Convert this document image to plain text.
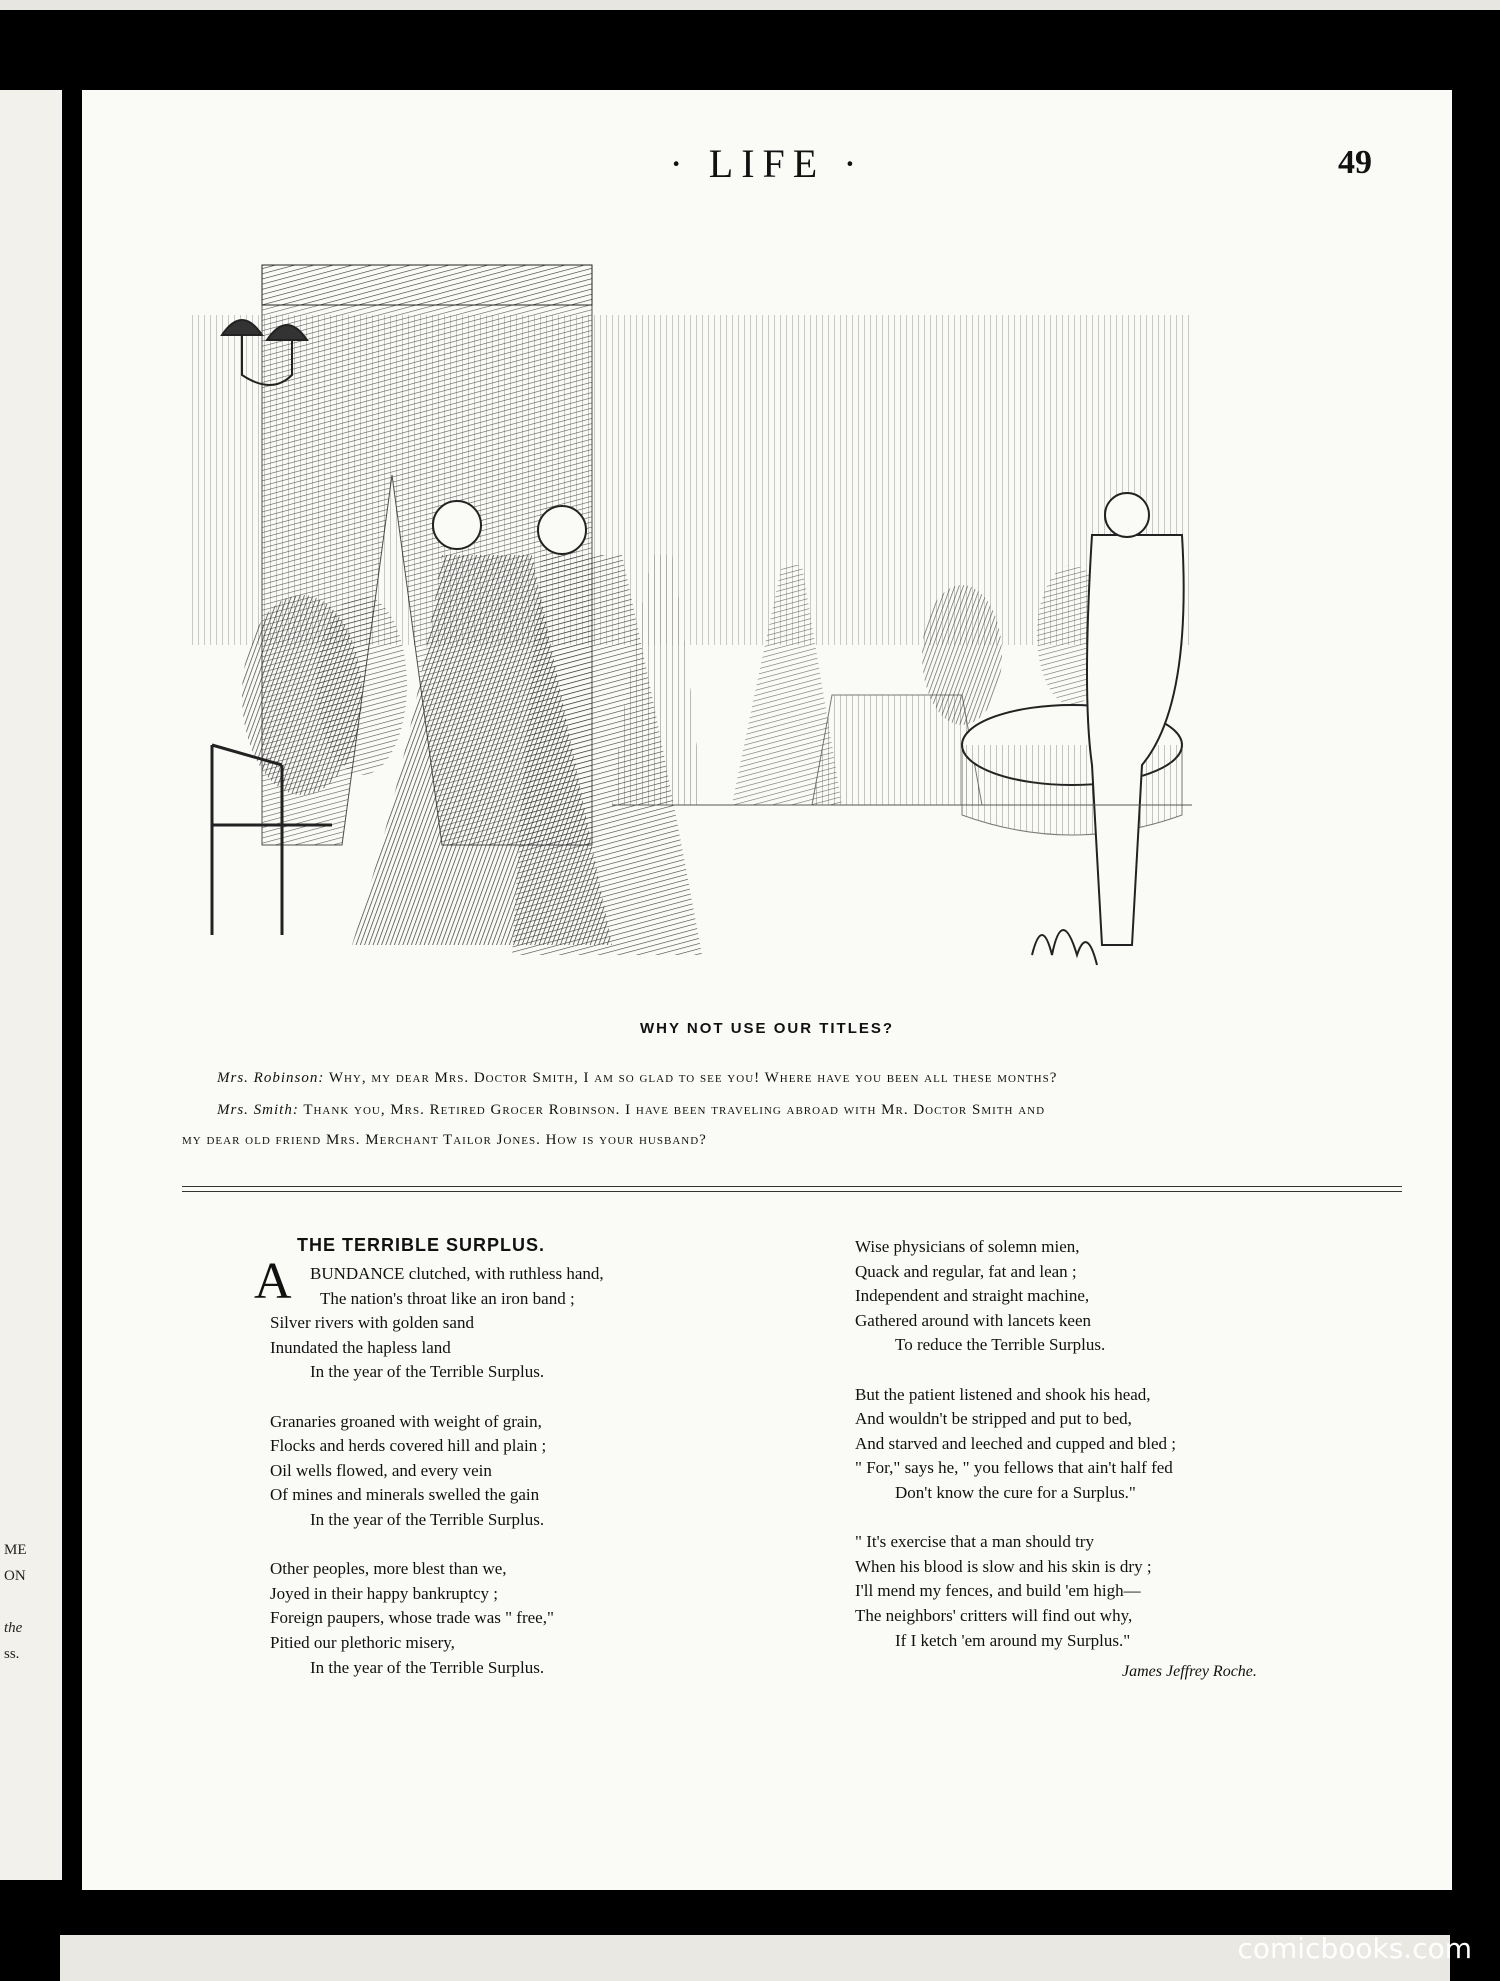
ME
ON
the
ss.
· LIFE ·	49
WHY NOT USE OUR TITLES?
Mrs. Robinson: Why, my dear Mrs. Doctor Smith, I am so glad to see you! Where have you been all these months?
Mrs. Smith: Thank you, Mrs. Retired Grocer Robinson. I have been traveling abroad with Mr. Doctor Smith and
my dear old friend Mrs. Merchant Tailor Jones. How is your husband?
THE TERRIBLE SURPLUS.
A	BUNDANCE clutched, with ruthless hand,
The nation's throat like an iron band ;
Silver rivers with golden sand
Inundated the hapless land
In the year of the Terrible Surplus.

Granaries groaned with weight of grain,
Flocks and herds covered hill and plain ;
Oil wells flowed, and every vein
Of mines and minerals swelled the gain
In the year of the Terrible Surplus.

Other peoples, more blest than we,
Joyed in their happy bankruptcy ;
Foreign paupers, whose trade was " free,"
Pitied our plethoric misery,
In the year of the Terrible Surplus.
Wise physicians of solemn mien,
Quack and regular, fat and lean ;
Independent and straight machine,
Gathered around with lancets keen
To reduce the Terrible Surplus.

But the patient listened and shook his head,
And wouldn't be stripped and put to bed,
And starved and leeched and cupped and bled ;
" For," says he, " you fellows that ain't half fed
Don't know the cure for a Surplus."

" It's exercise that a man should try
When his blood is slow and his skin is dry ;
I'll mend my fences, and build 'em high—
The neighbors' critters will find out why,
If I ketch 'em around my Surplus."
James Jeffrey Roche.
comicbooks.com
